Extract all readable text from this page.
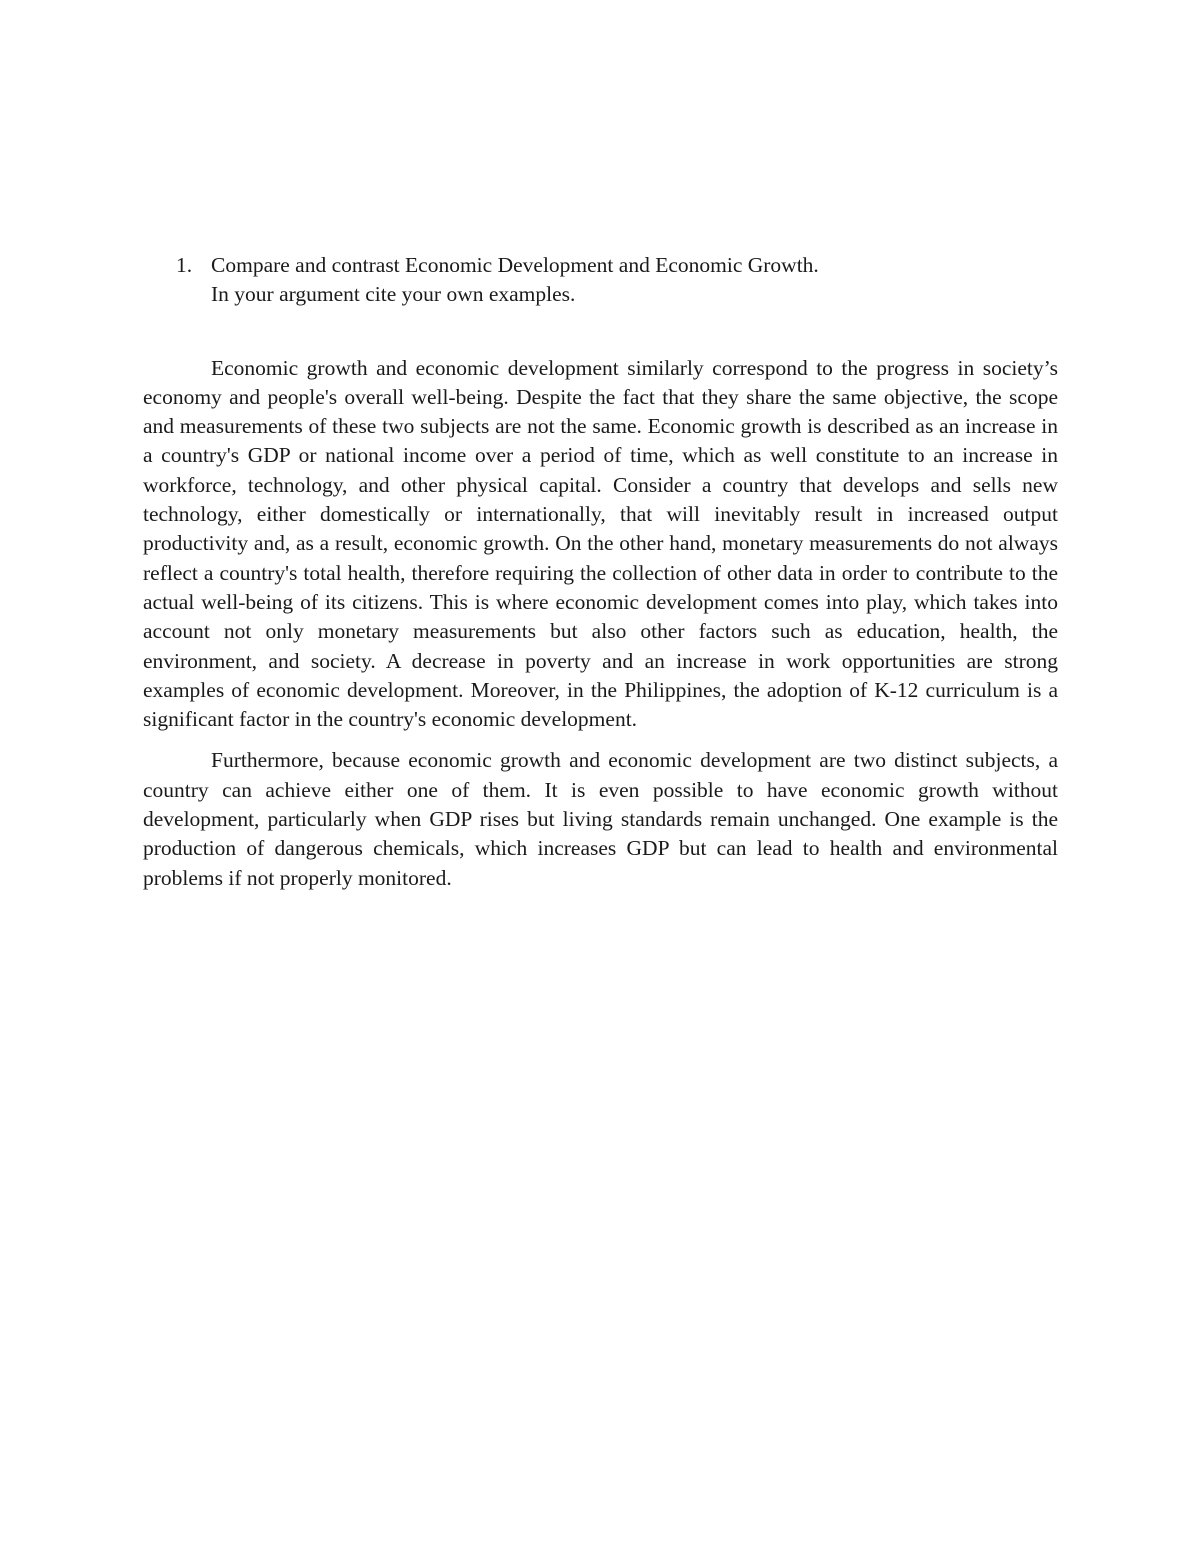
1. Compare and contrast Economic Development and Economic Growth.
In your argument cite your own examples.

Economic growth and economic development similarly correspond to the progress in society’s economy and people's overall well-being. Despite the fact that they share the same objective, the scope and measurements of these two subjects are not the same. Economic growth is described as an increase in a country's GDP or national income over a period of time, which as well constitute to an increase in workforce, technology, and other physical capital. Consider a country that develops and sells new technology, either domestically or internationally, that will inevitably result in increased output productivity and, as a result, economic growth. On the other hand, monetary measurements do not always reflect a country's total health, therefore requiring the collection of other data in order to contribute to the actual well-being of its citizens. This is where economic development comes into play, which takes into account not only monetary measurements but also other factors such as education, health, the environment, and society. A decrease in poverty and an increase in work opportunities are strong examples of economic development. Moreover, in the Philippines, the adoption of K-12 curriculum is a significant factor in the country's economic development.

Furthermore, because economic growth and economic development are two distinct subjects, a country can achieve either one of them. It is even possible to have economic growth without development, particularly when GDP rises but living standards remain unchanged. One example is the production of dangerous chemicals, which increases GDP but can lead to health and environmental problems if not properly monitored.
